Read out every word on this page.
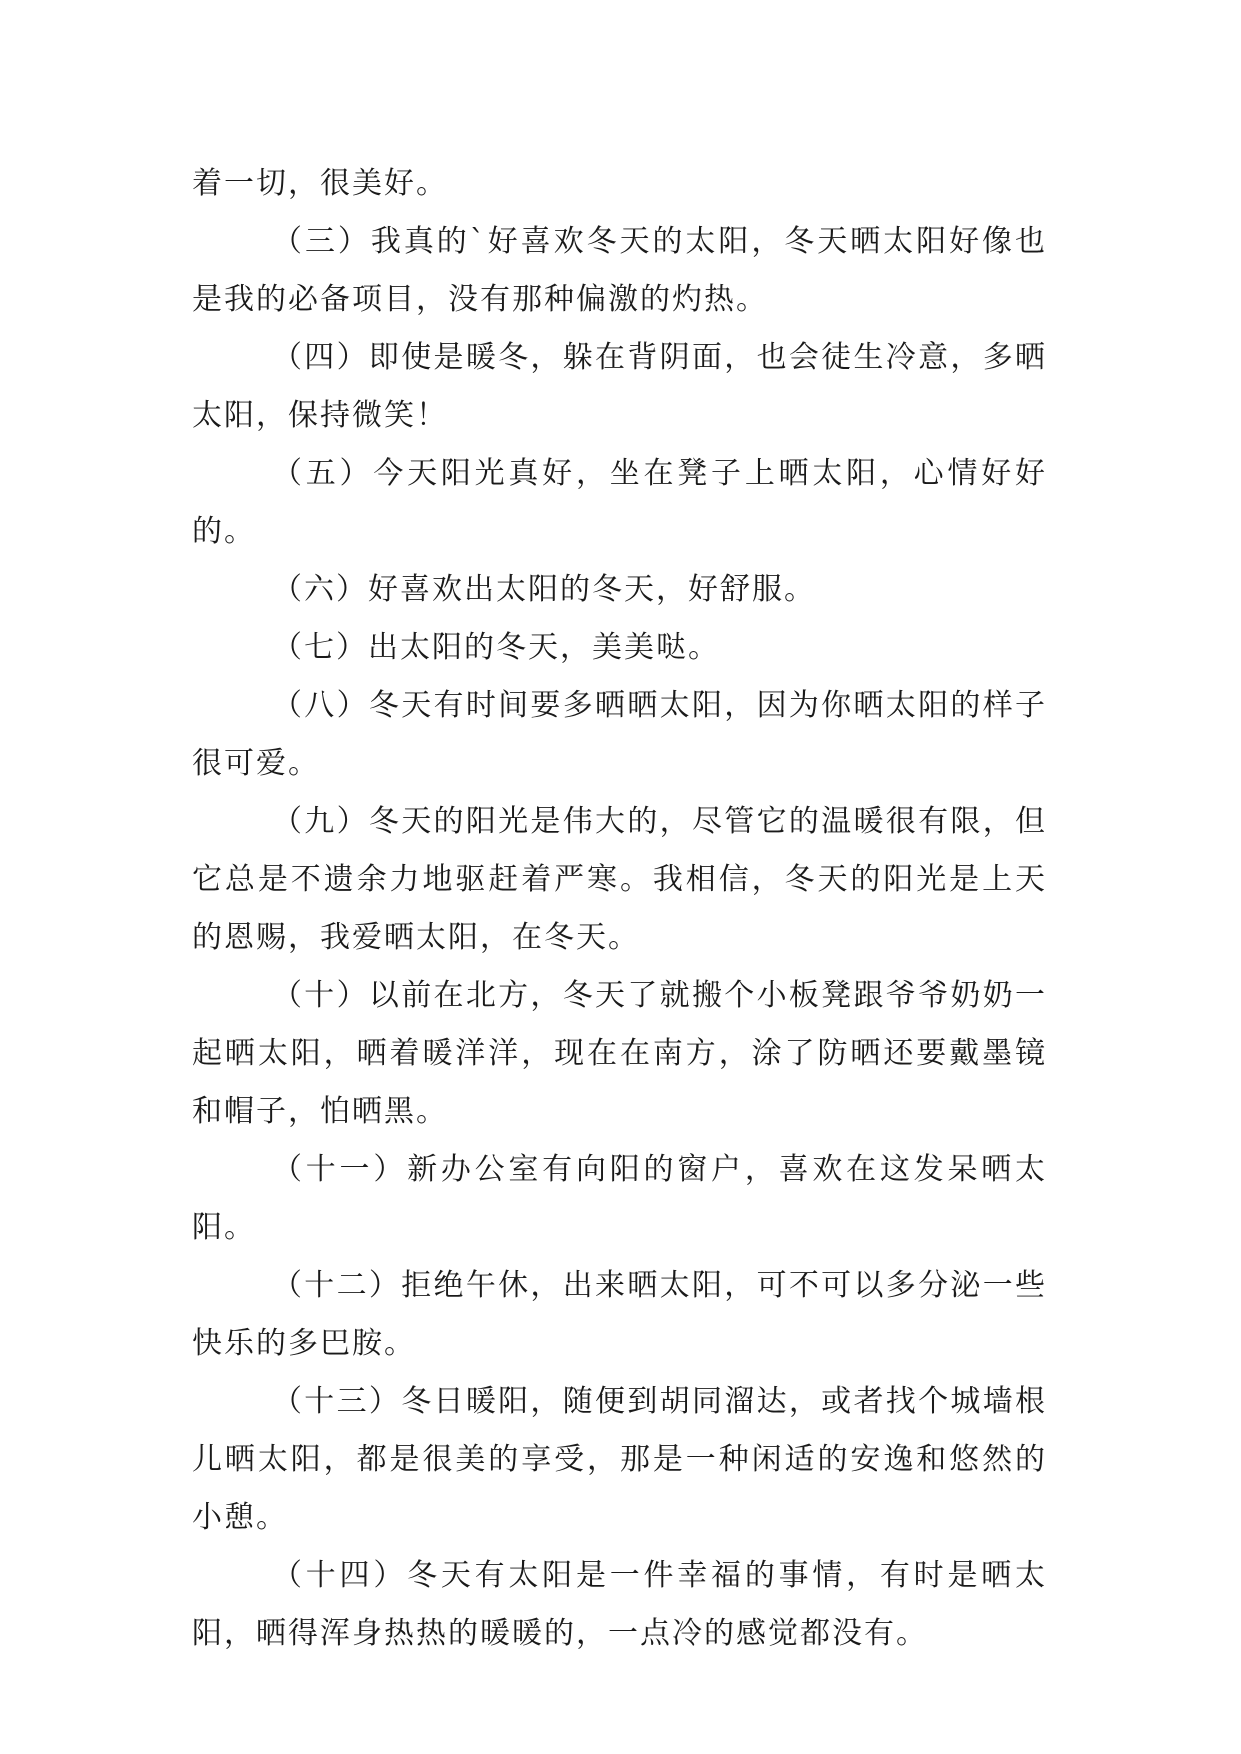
着一切，很美好。

（三）我真的`好喜欢冬天的太阳，冬天晒太阳好像也是我的必备项目，没有那种偏激的灼热。

（四）即使是暖冬，躲在背阴面，也会徒生冷意，多晒太阳，保持微笑！

（五）今天阳光真好，坐在凳子上晒太阳，心情好好的。

（六）好喜欢出太阳的冬天，好舒服。

（七）出太阳的冬天，美美哒。

（八）冬天有时间要多晒晒太阳，因为你晒太阳的样子很可爱。

（九）冬天的阳光是伟大的，尽管它的温暖很有限，但它总是不遗余力地驱赶着严寒。我相信，冬天的阳光是上天的恩赐，我爱晒太阳，在冬天。

（十）以前在北方，冬天了就搬个小板凳跟爷爷奶奶一起晒太阳，晒着暖洋洋，现在在南方，涂了防晒还要戴墨镜和帽子，怕晒黑。

（十一）新办公室有向阳的窗户，喜欢在这发呆晒太阳。

（十二）拒绝午休，出来晒太阳，可不可以多分泌一些快乐的多巴胺。

（十三）冬日暖阳，随便到胡同溜达，或者找个城墙根儿晒太阳，都是很美的享受，那是一种闲适的安逸和悠然的小憩。

（十四）冬天有太阳是一件幸福的事情，有时是晒太阳，晒得浑身热热的暖暖的，一点冷的感觉都没有。
